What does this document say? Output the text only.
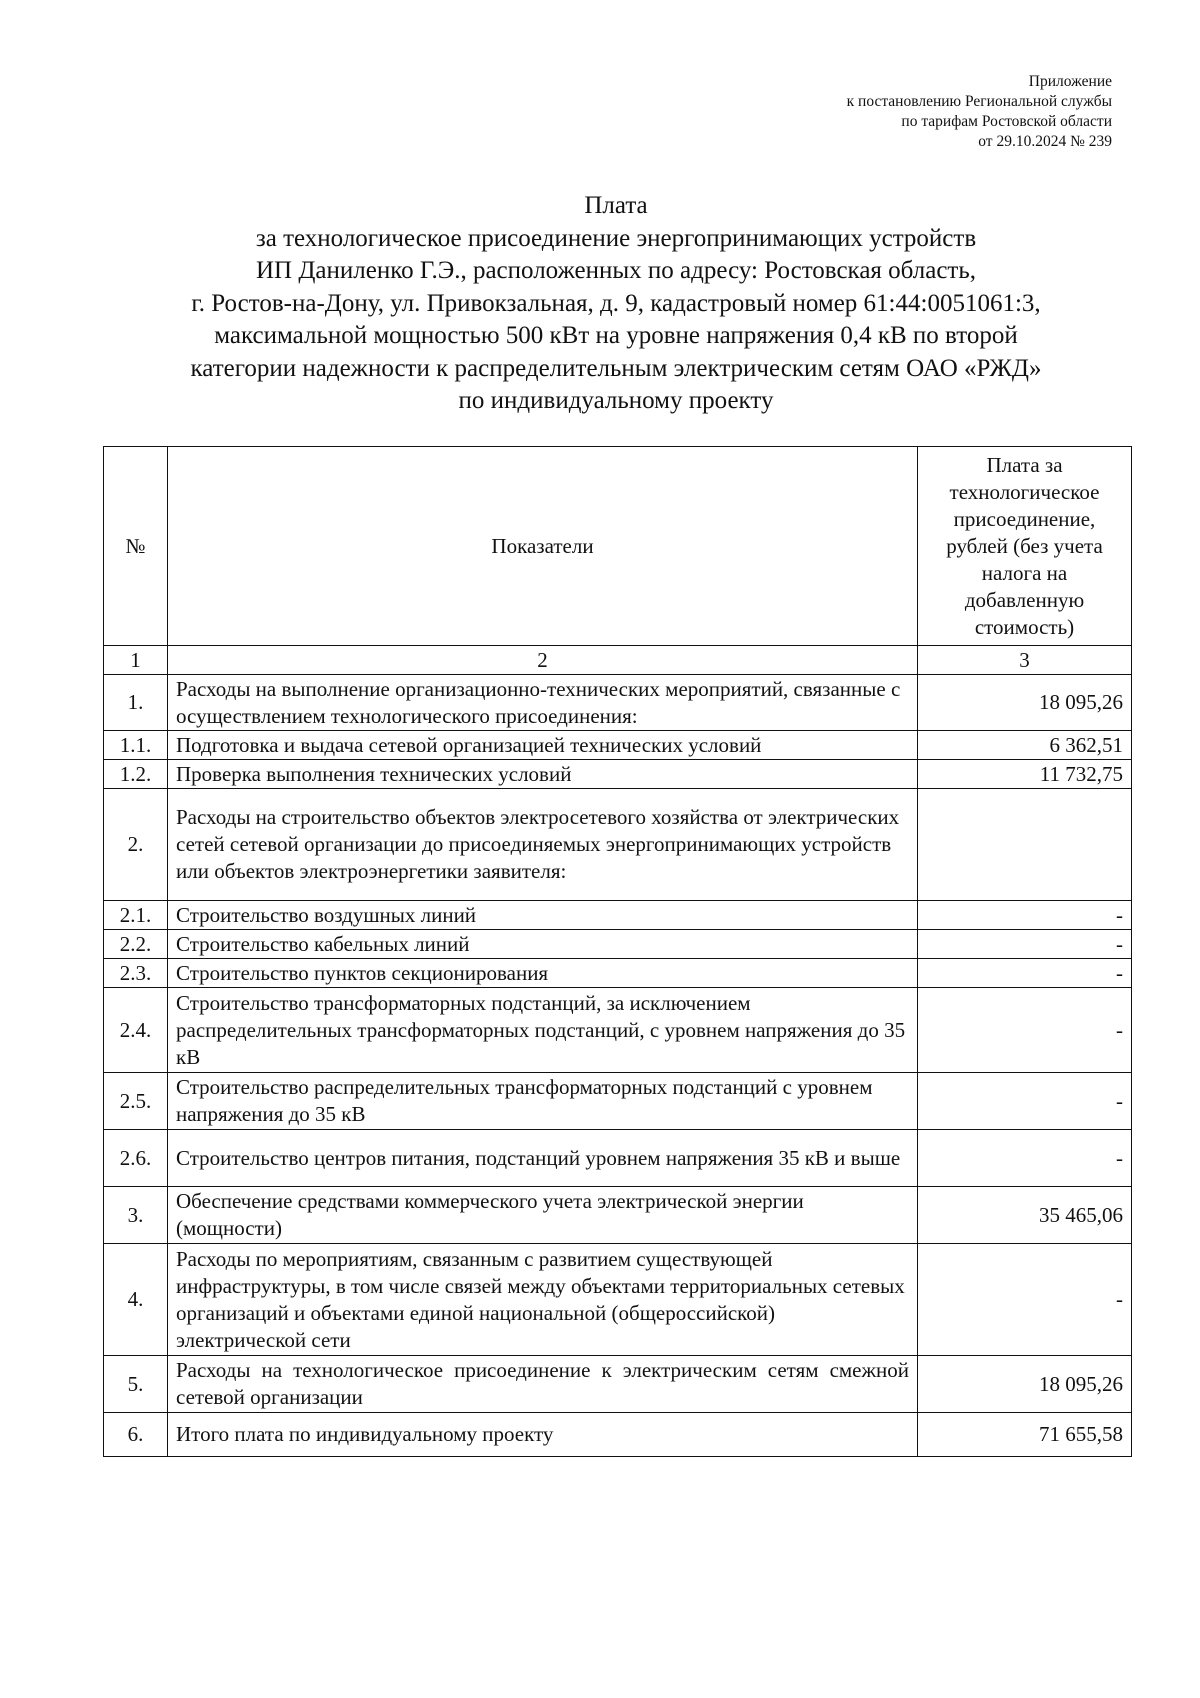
Приложение
к постановлению Региональной службы
по тарифам Ростовской области
от 29.10.2024 № 239
Плата
за технологическое присоединение энергопринимающих устройств
ИП Даниленко Г.Э., расположенных по адресу: Ростовская область,
г. Ростов-на-Дону, ул. Привокзальная, д. 9, кадастровый номер 61:44:0051061:3,
максимальной мощностью 500 кВт на уровне напряжения 0,4 кВ по второй
категории надежности к распределительным электрическим сетям ОАО «РЖД»
по индивидуальному проекту
№	Показатели	Плата за технологическое присоединение, рублей (без учета налога на добавленную стоимость)
1	2	3
1.	Расходы на выполнение организационно-технических мероприятий, связанные с осуществлением технологического присоединения:	18 095,26
1.1.	Подготовка и выдача сетевой организацией технических условий	6 362,51
1.2.	Проверка выполнения технических условий	11 732,75
2.	Расходы на строительство объектов электросетевого хозяйства от электрических сетей сетевой организации до присоединяемых энергопринимающих устройств или объектов электроэнергетики заявителя:	
2.1.	Строительство воздушных линий	-
2.2.	Строительство кабельных линий	-
2.3.	Строительство пунктов секционирования	-
2.4.	Строительство трансформаторных подстанций, за исключением распределительных трансформаторных подстанций, с уровнем напряжения до 35 кВ	-
2.5.	Строительство распределительных трансформаторных подстанций с уровнем напряжения до 35 кВ	-
2.6.	Строительство центров питания, подстанций уровнем напряжения 35 кВ и выше	-
3.	Обеспечение средствами коммерческого учета электрической энергии (мощности)	35 465,06
4.	Расходы по мероприятиям, связанным с развитием существующей инфраструктуры, в том числе связей между объектами территориальных сетевых организаций и объектами единой национальной (общероссийской) электрической сети	-
5.	Расходы на технологическое присоединение к электрическим сетям смежной сетевой организации	18 095,26
6.	Итого плата по индивидуальному проекту	71 655,58
